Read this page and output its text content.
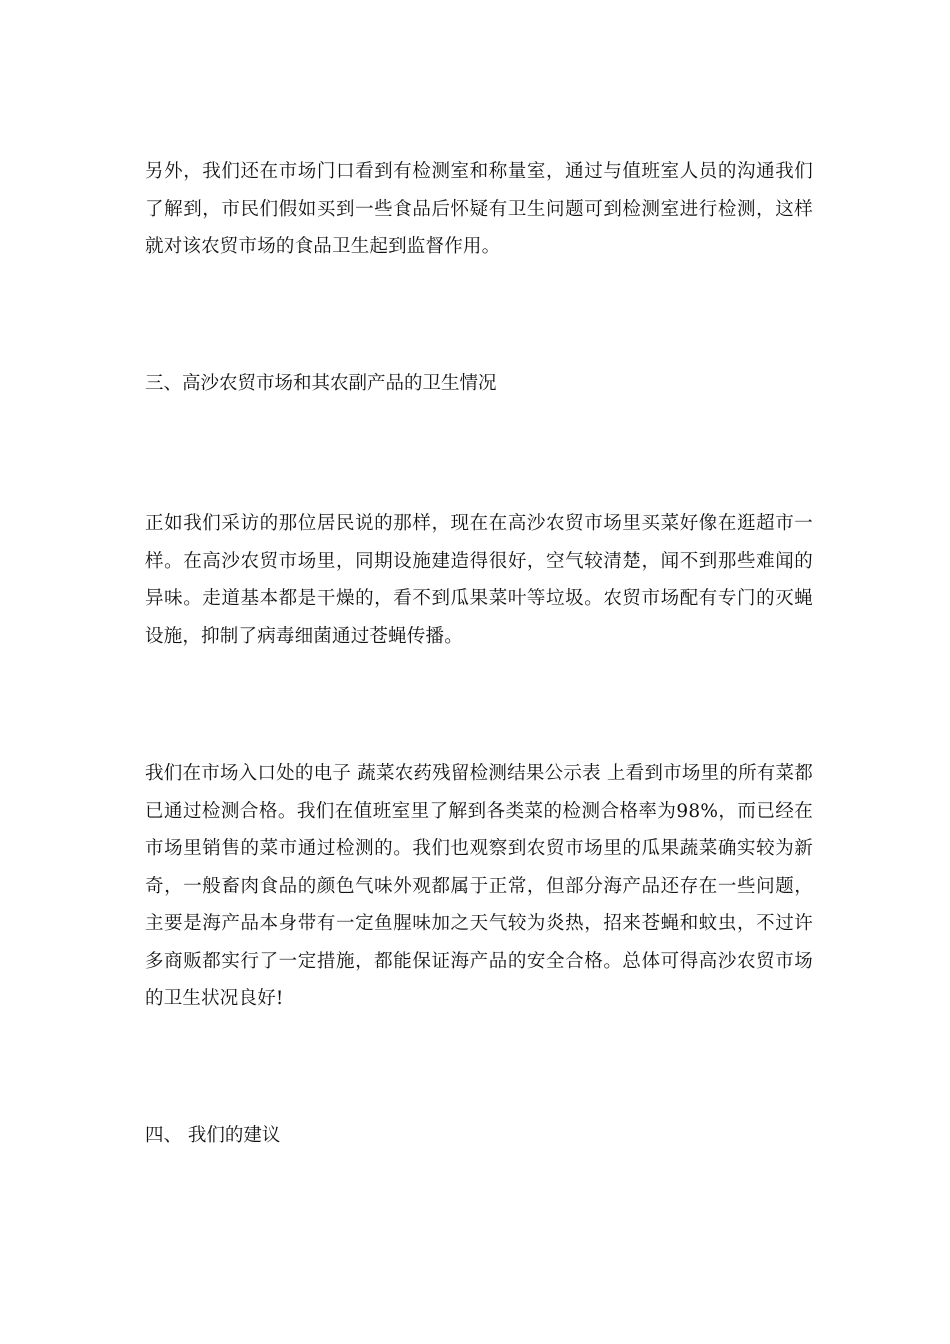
另外，我们还在市场门口看到有检测室和称量室，通过与值班室人员的沟通我们了解到，市民们假如买到一些食品后怀疑有卫生问题可到检测室进行检测，这样就对该农贸市场的食品卫生起到监督作用。

三、高沙农贸市场和其农副产品的卫生情况

正如我们采访的那位居民说的那样，现在在高沙农贸市场里买菜好像在逛超市一样。在高沙农贸市场里，同期设施建造得很好，空气较清楚，闻不到那些难闻的异味。走道基本都是干燥的，看不到瓜果菜叶等垃圾。农贸市场配有专门的灭蝇设施，抑制了病毒细菌通过苍蝇传播。

我们在市场入口处的电子 蔬菜农药残留检测结果公示表 上看到市场里的所有菜都已通过检测合格。我们在值班室里了解到各类菜的检测合格率为98%，而已经在市场里销售的菜市通过检测的。我们也观察到农贸市场里的瓜果蔬菜确实较为新奇，一般畜肉食品的颜色气味外观都属于正常，但部分海产品还存在一些问题，主要是海产品本身带有一定鱼腥味加之天气较为炎热，招来苍蝇和蚊虫，不过许多商贩都实行了一定措施，都能保证海产品的安全合格。总体可得高沙农贸市场的卫生状况良好!

四、 我们的建议
